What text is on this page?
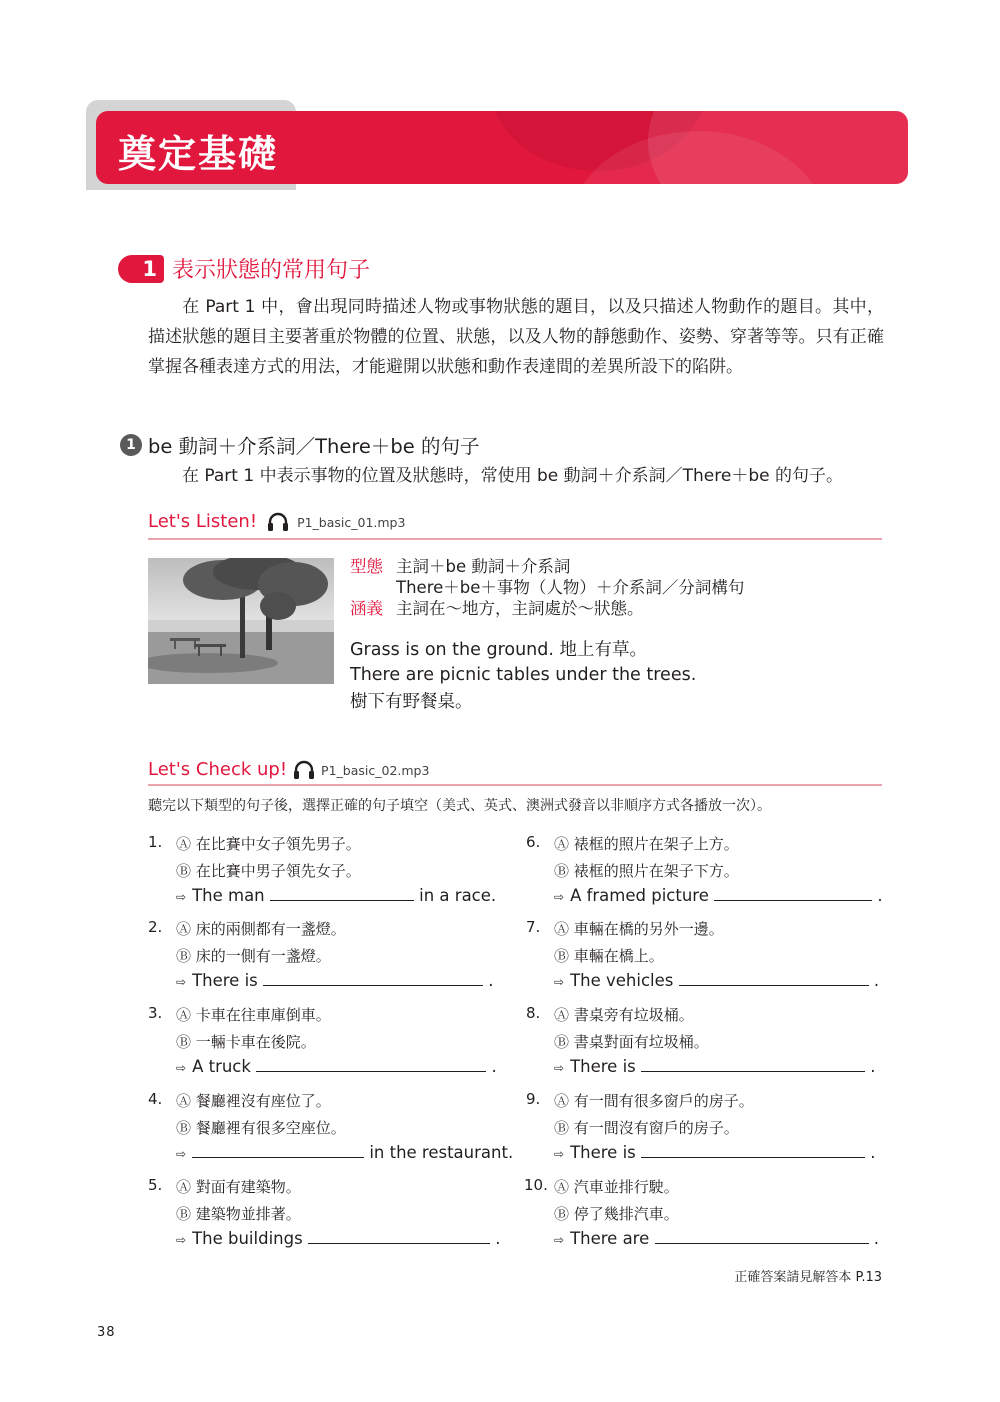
奠定基礎
1 表示狀態的常用句子
在 Part 1 中，會出現同時描述人物或事物狀態的題目，以及只描述人物動作的題目。其中，描述狀態的題目主要著重於物體的位置、狀態，以及人物的靜態動作、姿勢、穿著等等。只有正確掌握各種表達方式的用法，才能避開以狀態和動作表達間的差異所設下的陷阱。
1 be 動詞＋介系詞／There＋be 的句子
在 Part 1 中表示事物的位置及狀態時，常使用 be 動詞＋介系詞／There＋be 的句子。
Let's Listen!	P1_basic_01.mp3
型態 主詞＋be 動詞＋介系詞
There＋be＋事物（人物）＋介系詞／分詞構句
涵義 主詞在～地方，主詞處於～狀態。
Grass is on the ground. 地上有草。
There are picnic tables under the trees.
樹下有野餐桌。
Let's Check up!	P1_basic_02.mp3
聽完以下類型的句子後，選擇正確的句子填空（美式、英式、澳洲式發音以非順序方式各播放一次）。
1. Ⓐ 在比賽中女子領先男子。
Ⓑ 在比賽中男子領先女子。
⇨ The man	in a race.
2. Ⓐ 床的兩側都有一盞燈。
Ⓑ 床的一側有一盞燈。
⇨ There is	.
3. Ⓐ 卡車在往車庫倒車。
Ⓑ 一輛卡車在後院。
⇨ A truck	.
4. Ⓐ 餐廳裡沒有座位了。
Ⓑ 餐廳裡有很多空座位。
⇨	in the restaurant.
5. Ⓐ 對面有建築物。
Ⓑ 建築物並排著。
⇨ The buildings	.
6. Ⓐ 裱框的照片在架子上方。
Ⓑ 裱框的照片在架子下方。
⇨ A framed picture	.
7. Ⓐ 車輛在橋的另外一邊。
Ⓑ 車輛在橋上。
⇨ The vehicles	.
8. Ⓐ 書桌旁有垃圾桶。
Ⓑ 書桌對面有垃圾桶。
⇨ There is	.
9. Ⓐ 有一間有很多窗戶的房子。
Ⓑ 有一間沒有窗戶的房子。
⇨ There is	.
10. Ⓐ 汽車並排行駛。
Ⓑ 停了幾排汽車。
⇨ There are	.
正確答案請見解答本 P.13
38
